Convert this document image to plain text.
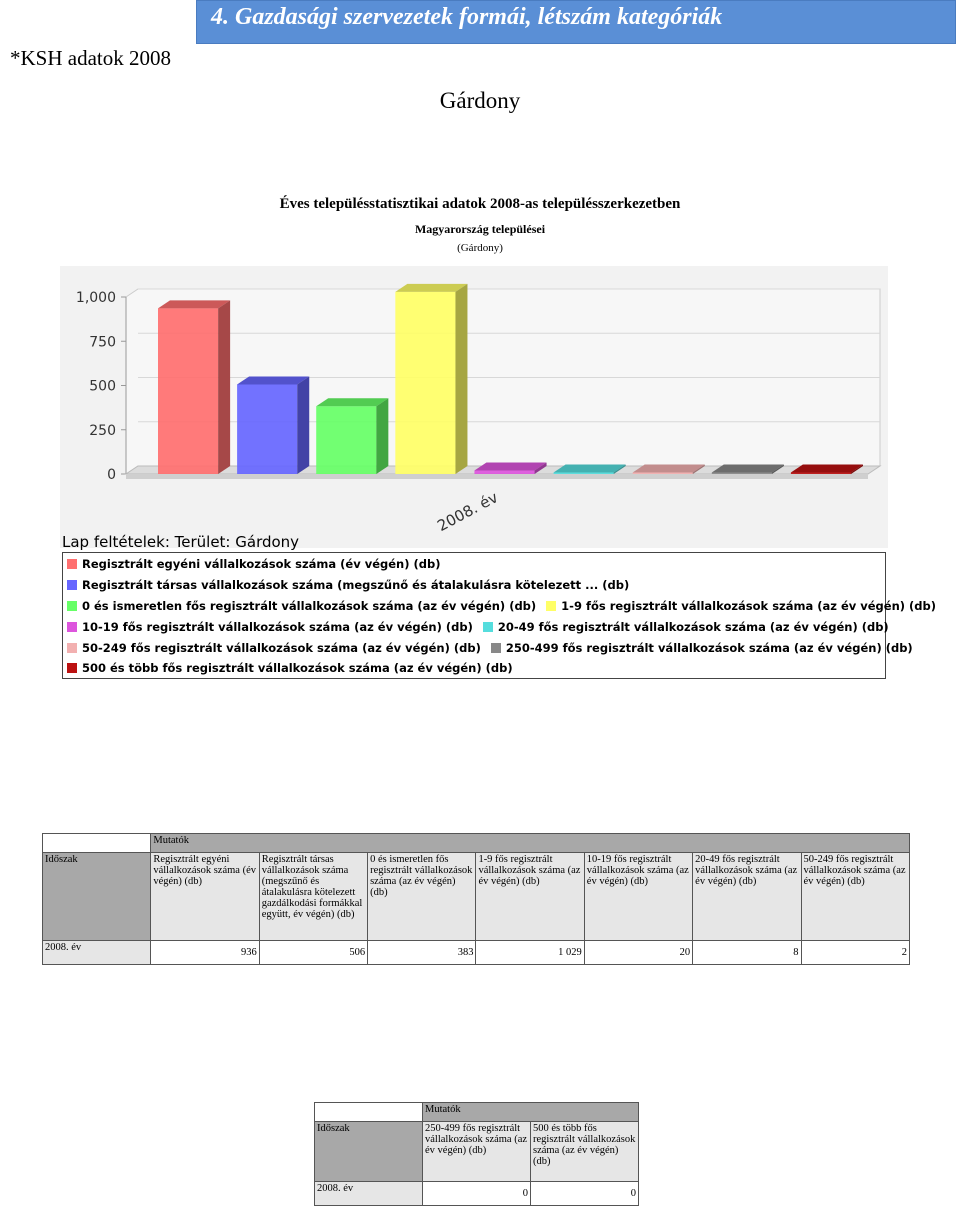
4. Gazdasági szervezetek formái, létszám kategóriák
*KSH adatok 2008
Gárdony
Éves településstatisztikai adatok 2008-as településszerkezetben
Magyarország települései
(Gárdony)
0
250
500
750
1,000
2008. év
Lap feltételek: Terület: Gárdony
Regisztrált egyéni vállalkozások száma (év végén) (db)
Regisztrált társas vállalkozások száma (megszűnő és átalakulásra kötelezett ... (db)
0 és ismeretlen fős regisztrált vállalkozások száma (az év végén) (db) 1-9 fős regisztrált vállalkozások száma (az év végén) (db)
10-19 fős regisztrált vállalkozások száma (az év végén) (db) 20-49 fős regisztrált vállalkozások száma (az év végén) (db)
50-249 fős regisztrált vállalkozások száma (az év végén) (db) 250-499 fős regisztrált vállalkozások száma (az év végén) (db)
500 és több fős regisztrált vállalkozások száma (az év végén) (db)
	Mutatók						
Időszak	Regisztrált egyéni vállalkozások száma (év végén) (db)	Regisztrált társas vállalkozások száma (megszűnő és átalakulásra kötelezett gazdálkodási formákkal együtt, év végén) (db)	0 és ismeretlen fős regisztrált vállalkozások száma (az év végén) (db)	1-9 fős regisztrált vállalkozások száma (az év végén) (db)	10-19 fős regisztrált vállalkozások száma (az év végén) (db)	20-49 fős regisztrált vállalkozások száma (az év végén) (db)	50-249 fős regisztrált vállalkozások száma (az év végén) (db)
2008. év	936	506	383	1 029	20	8	2
	Mutatók	
Időszak	250-499 fős regisztrált vállalkozások száma (az év végén) (db)	500 és több fős regisztrált vállalkozások száma (az év végén) (db)
2008. év	0	0
